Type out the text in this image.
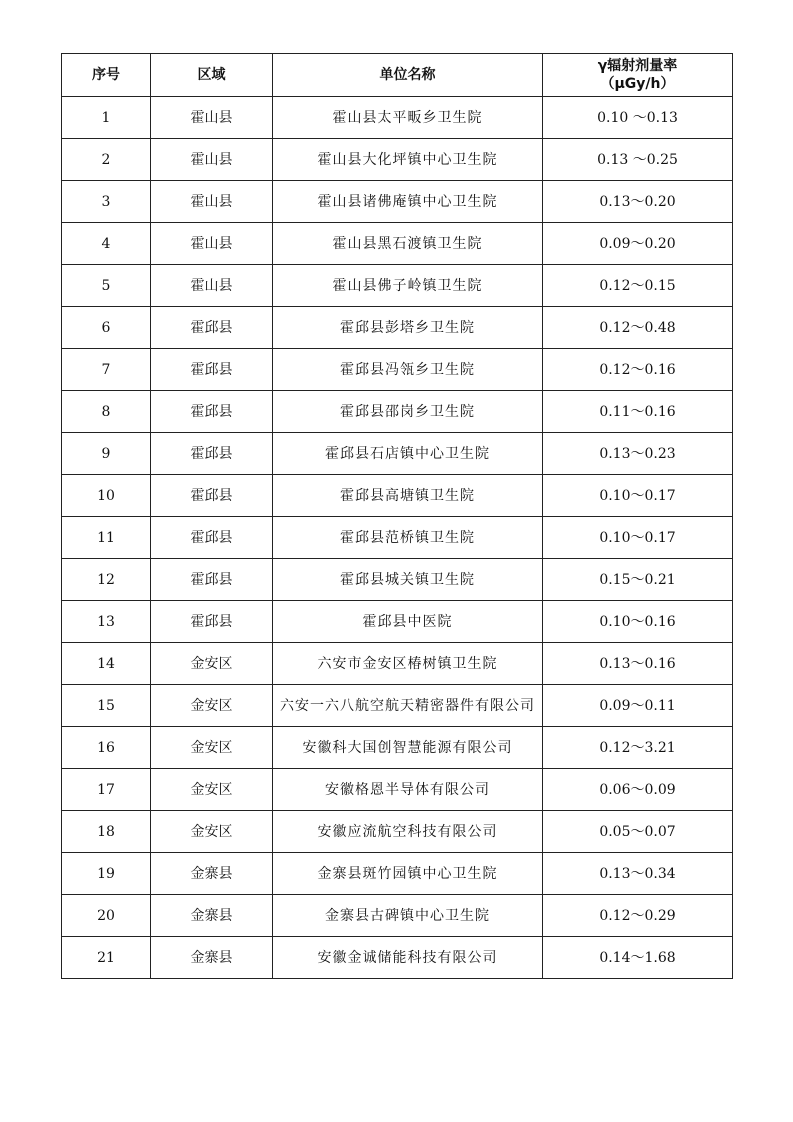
序号	区域	单位名称	γ辐射剂量率
（μGy/h）

1	霍山县	霍山县太平畈乡卫生院	0.10 ～0.13
2	霍山县	霍山县大化坪镇中心卫生院	0.13 ～0.25
3	霍山县	霍山县诸佛庵镇中心卫生院	0.13～0.20
4	霍山县	霍山县黑石渡镇卫生院	0.09～0.20
5	霍山县	霍山县佛子岭镇卫生院	0.12～0.15
6	霍邱县	霍邱县彭塔乡卫生院	0.12～0.48
7	霍邱县	霍邱县冯瓴乡卫生院	0.12～0.16
8	霍邱县	霍邱县邵岗乡卫生院	0.11～0.16
9	霍邱县	霍邱县石店镇中心卫生院	0.13～0.23
10	霍邱县	霍邱县高塘镇卫生院	0.10～0.17
11	霍邱县	霍邱县范桥镇卫生院	0.10～0.17
12	霍邱县	霍邱县城关镇卫生院	0.15～0.21
13	霍邱县	霍邱县中医院	0.10～0.16
14	金安区	六安市金安区椿树镇卫生院	0.13～0.16
15	金安区	六安一六八航空航天精密器件有限公司	0.09～0.11
16	金安区	安徽科大国创智慧能源有限公司	0.12～3.21
17	金安区	安徽格恩半导体有限公司	0.06～0.09
18	金安区	安徽应流航空科技有限公司	0.05～0.07
19	金寨县	金寨县斑竹园镇中心卫生院	0.13～0.34
20	金寨县	金寨县古碑镇中心卫生院	0.12～0.29
21	金寨县	安徽金诚储能科技有限公司	0.14～1.68
